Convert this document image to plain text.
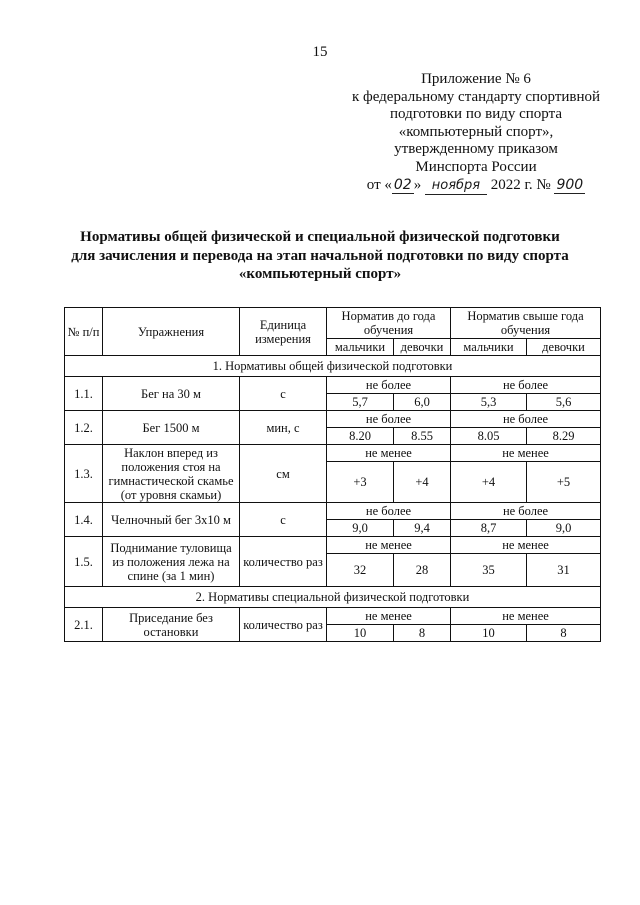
15
Приложение № 6
к федеральному стандарту спортивной
подготовки по виду спорта
«компьютерный спорт»,
утвержденному приказом
Минспорта России
от « 02 » ноября 2022 г. № 900
Нормативы общей физической и специальной физической подготовки
для зачисления и перевода на этап начальной подготовки по виду спорта
«компьютерный спорт»
№ п/п	Упражнения	Единица измерения	Норматив до года обучения		Норматив свыше года обучения	
			мальчики	девочки	мальчики	девочки
1. Нормативы общей физической подготовки						
1.1.	Бег на 30 м	с	не более		не более	
			5,7	6,0	5,3	5,6
1.2.	Бег 1500 м	мин, с	не более		не более	
			8.20	8.55	8.05	8.29
1.3.	Наклон вперед из положения стоя на гимнастической скамье (от уровня скамьи)	см	не менее		не менее	
			+3	+4	+4	+5
1.4.	Челночный бег 3х10 м	с	не более		не более	
			9,0	9,4	8,7	9,0
1.5.	Поднимание туловища из положения лежа на спине (за 1 мин)	количество раз	не менее		не менее	
			32	28	35	31
2. Нормативы специальной физической подготовки						
2.1.	Приседание без остановки	количество раз	не менее		не менее	
			10	8	10	8
